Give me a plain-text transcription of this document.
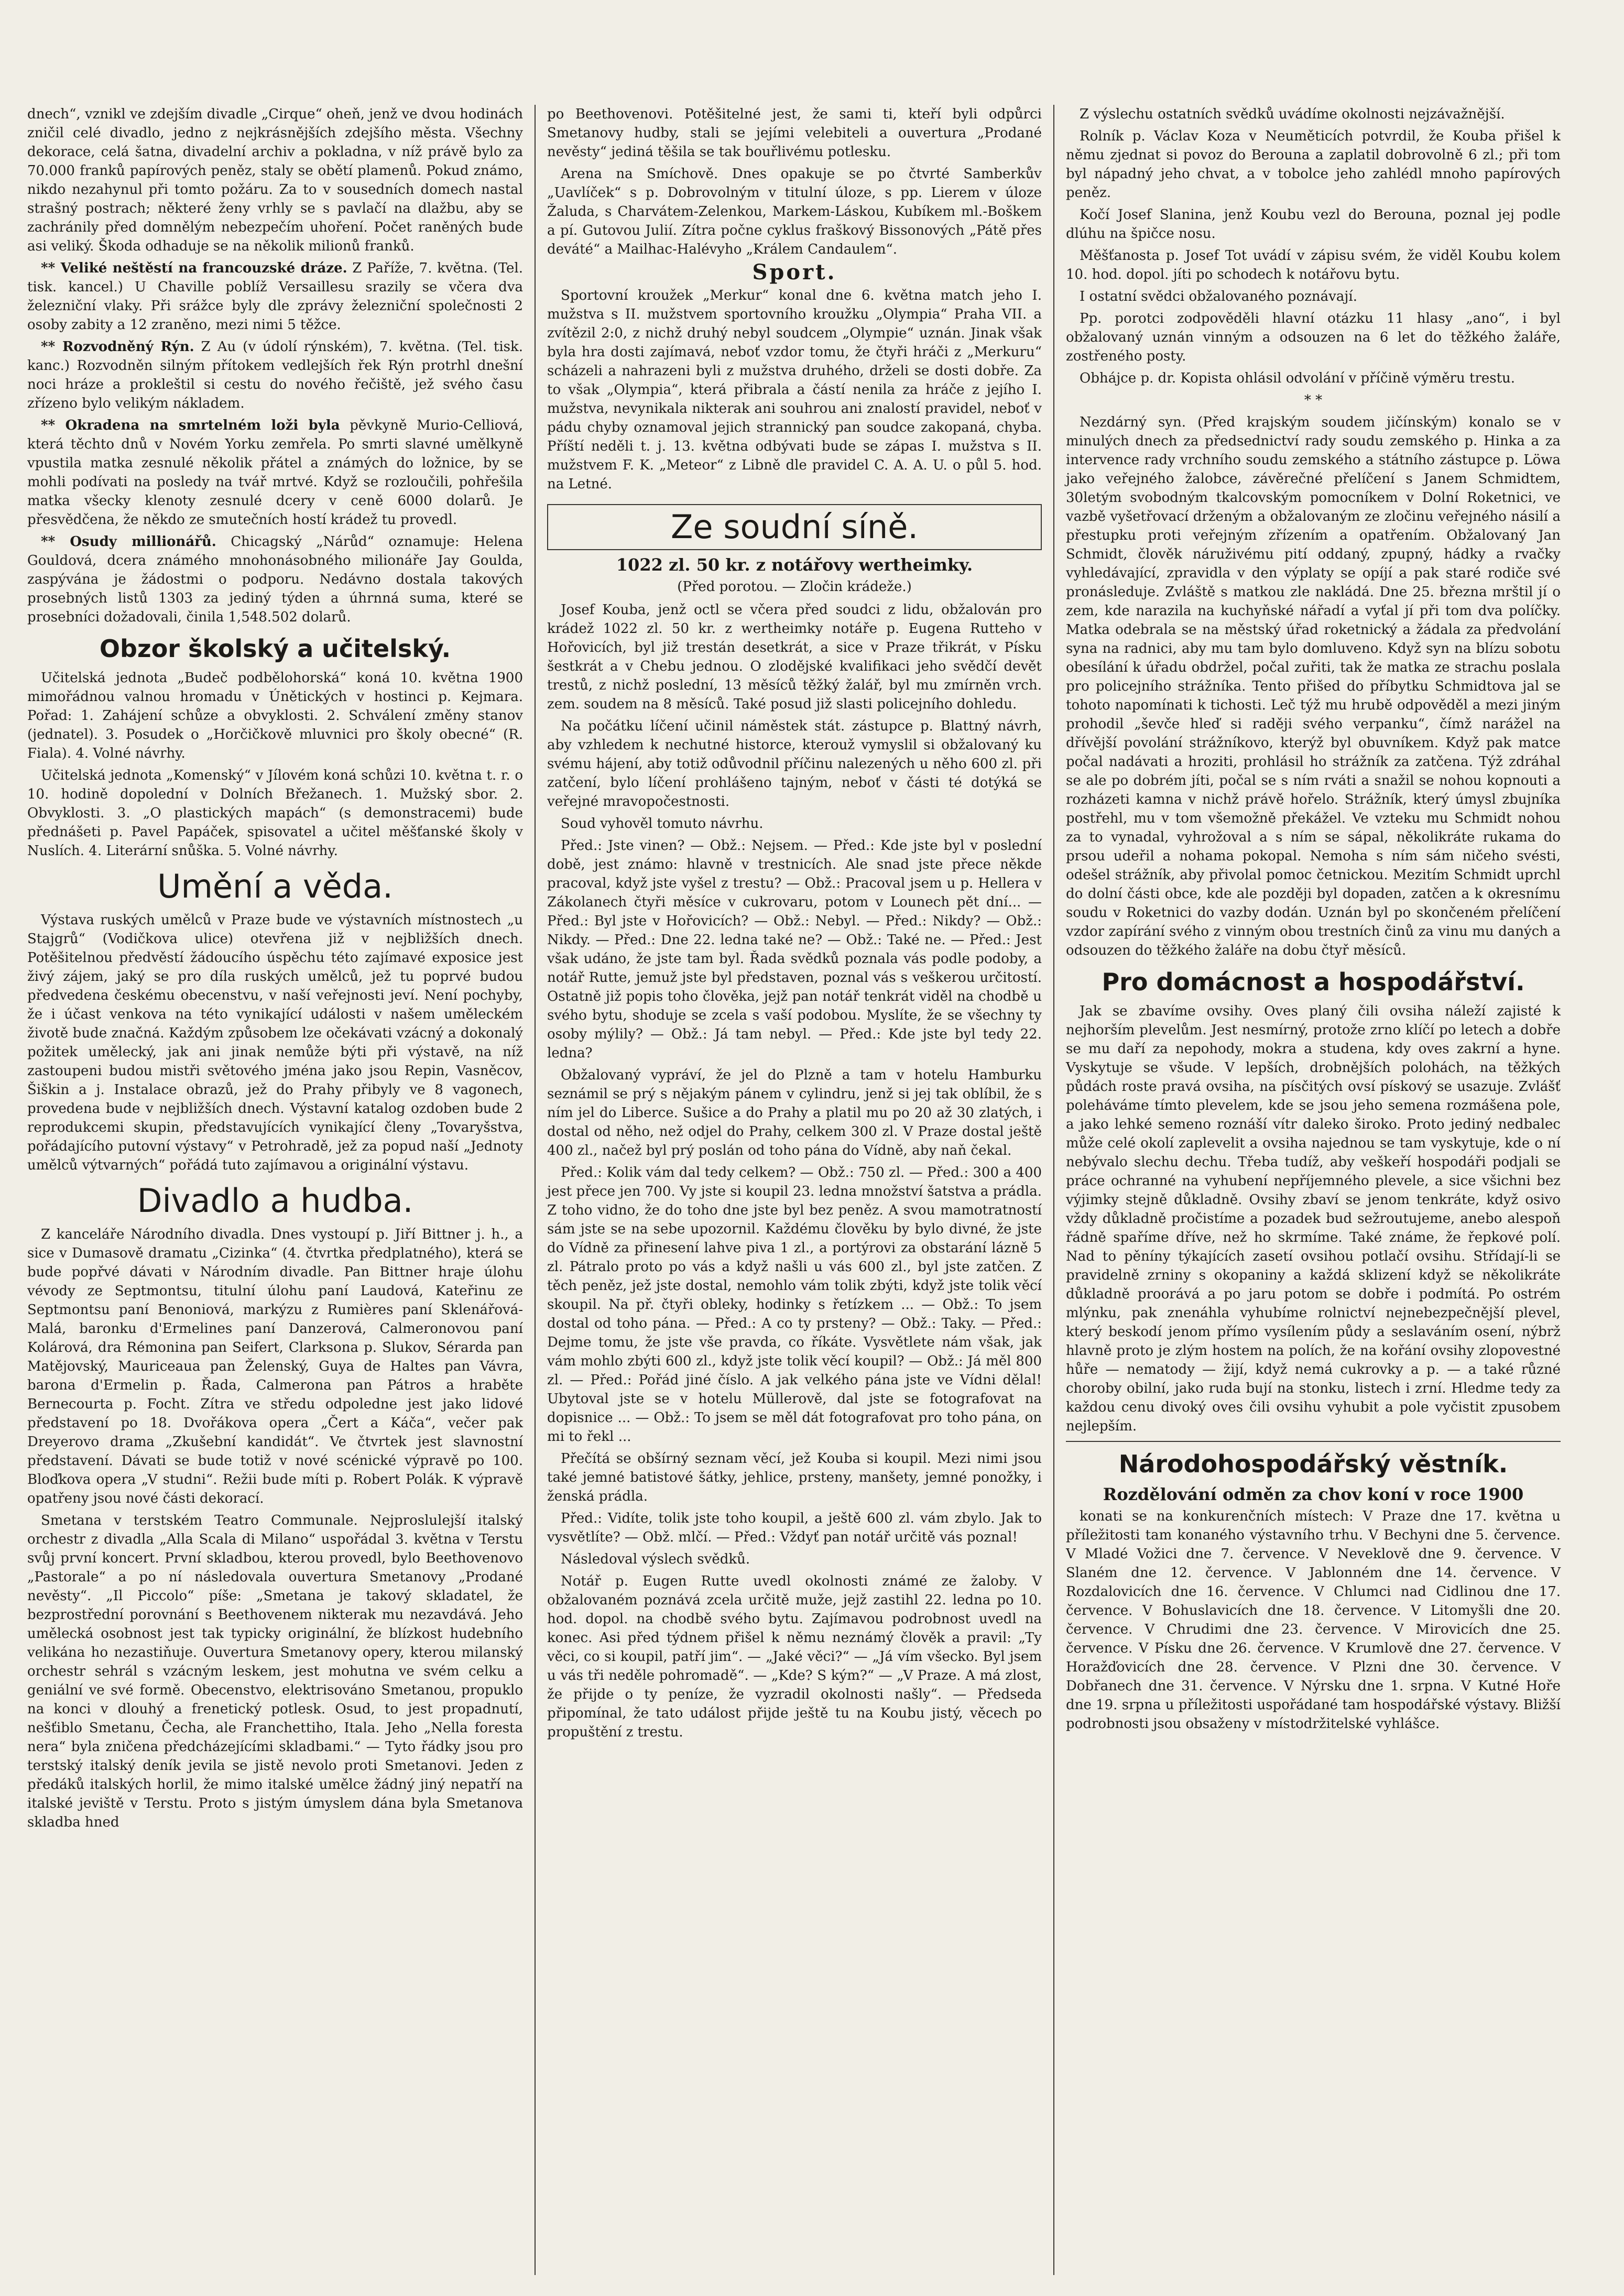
dnech“, vznikl ve zdejším divadle „Cirque“ oheň, jenž ve dvou hodinách zničil celé divadlo, jedno z nejkrásnějších zdejšího města. Všechny dekorace, celá šatna, divadelní archiv a pokladna, v níž právě bylo za 70.000 franků papírových peněz, staly se obětí plamenů. Pokud známo, nikdo nezahynul při tomto požáru. Za to v sousedních domech nastal strašný postrach; některé ženy vrhly se s pavlačí na dlažbu, aby se zachránily před domnělým nebezpečím uhoření. Počet raněných bude asi veliký. Škoda odhaduje se na několik milionů franků.

** Veliké neštěstí na francouzské dráze. Z Paříže, 7. května. (Tel. tisk. kancel.) U Chaville poblíž Versaillesu srazily se včera dva železniční vlaky. Při srážce byly dle zprávy železniční společnosti 2 osoby zabity a 12 zraněno, mezi nimi 5 těžce.

** Rozvodněný Rýn. Z Au (v údolí rýnském), 7. května. (Tel. tisk. kanc.) Rozvodněn silným přítokem vedlejších řek Rýn protrhl dnešní noci hráze a prokleštil si cestu do nového řečiště, jež svého času zřízeno bylo velikým nákladem.

** Okradena na smrtelném loži byla pěvkyně Murio-Celliová, která těchto dnů v Novém Yorku zemřela. Po smrti slavné umělkyně vpustila matka zesnulé několik přátel a známých do ložnice, by se mohli podívati na posledy na tvář mrtvé. Když se rozloučili, pohřešila matka všecky klenoty zesnulé dcery v ceně 6000 dolarů. Je přesvědčena, že někdo ze smutečních hostí krádež tu provedl.

** Osudy millionářů. Chicagský „Nárůd“ oznamuje: Helena Gouldová, dcera známého mnohonásobného milionáře Jay Goulda, zaspývána je žádostmi o podporu. Nedávno dostala takových prosebných listů 1303 za jediný týden a úhrnná suma, které se prosebníci dožadovali, činila 1,548.502 dolarů.

Obzor školský a učitelský.

Učitelská jednota „Budeč podbělohorská“ koná 10. května 1900 mimořádnou valnou hromadu v Únětických v hostinci p. Kejmara. Pořad: 1. Zahájení schůze a obvyklosti. 2. Schválení změny stanov (jednatel). 3. Posudek o „Horčičkově mluvnici pro školy obecné“ (R. Fiala). 4. Volné návrhy.

Učitelská jednota „Komenský“ v Jílovém koná schůzi 10. května t. r. o 10. hodině dopolední v Dolních Břežanech. 1. Mužský sbor. 2. Obvyklosti. 3. „O plastických mapách“ (s demonstracemi) bude přednášeti p. Pavel Papáček, spisovatel a učitel měšťanské školy v Nuslích. 4. Literární snůška. 5. Volné návrhy.

Umění a věda.

Výstava ruských umělců v Praze bude ve výstavních místnostech „u Stajgrů“ (Vodičkova ulice) otevřena již v nejbližších dnech. Potěšitelnou předvěstí žádoucího úspěchu této zajímavé exposice jest živý zájem, jaký se pro díla ruských umělců, jež tu poprvé budou předvedena českému obecenstvu, v naší veřejnosti jeví. Není pochyby, že i účast venkova na této vynikající události v našem uměleckém životě bude značná. Každým způsobem lze očekávati vzácný a dokonalý požitek umělecký, jak ani jinak nemůže býti při výstavě, na níž zastoupeni budou mistři světového jména jako jsou Repin, Vasněcov, Šiškin a j. Instalace obrazů, jež do Prahy přibyly ve 8 vagonech, provedena bude v nejbližších dnech. Výstavní katalog ozdoben bude 2 reprodukcemi skupin, představujících vynikající členy „Tovaryšstva, pořádajícího putovní výstavy“ v Petrohradě, jež za popud naší „Jednoty umělců výtvarných“ pořádá tuto zajímavou a originální výstavu.

Divadlo a hudba.

Z kanceláře Národního divadla. Dnes vystoupí p. Jiří Bittner j. h., a sice v Dumasově dramatu „Cizinka“ (4. čtvrtka předplatného), která se bude popřvé dávati v Národním divadle. Pan Bittner hraje úlohu vévody ze Septmontsu, titulní úlohu paní Laudová, Kateřinu ze Septmontsu paní Benoniová, markýzu z Rumières paní Sklenářová-Malá, baronku d'Ermelines paní Danzerová, Calmeronovou paní Kolárová, dra Rémonina pan Seifert, Clarksona p. Slukov, Sérarda pan Matějovský, Mauriceaua pan Želenský, Guya de Haltes pan Vávra, barona d'Ermelin p. Řada, Calmerona pan Pátros a hraběte Bernecourta p. Focht. Zítra ve středu odpoledne jest jako lidové představení po 18. Dvořákova opera „Čert a Káča“, večer pak Dreyerovo drama „Zkušební kandidát“. Ve čtvrtek jest slavnostní představení. Dávati se bude totiž v nové scénické výpravě po 100. Bloďkova opera „V studni“. Režii bude míti p. Robert Polák. K výpravě opatřeny jsou nové části dekorací.

Smetana v terstském Teatro Communale. Nejproslulejší italský orchestr z divadla „Alla Scala di Milano“ uspořádal 3. května v Terstu svůj první koncert. První skladbou, kterou provedl, bylo Beethovenovo „Pastorale“ a po ní následovala ouvertura Smetanovy „Prodané nevěsty“. „Il Piccolo“ píše: „Smetana je takový skladatel, že bezprostřední porovnání s Beethovenem nikterak mu nezavdává. Jeho umělecká osobnost jest tak typicky originální, že blízkost hudebního velikána ho nezastiňuje. Ouvertura Smetanovy opery, kterou milanský orchestr sehrál s vzácným leskem, jest mohutna ve svém celku a geniální ve své formě. Obecenstvo, elektrisováno Smetanou, propuklo na konci v dlouhý a frenetický potlesk. Osud, to jest propadnutí, nešťiblo Smetanu, Čecha, ale Franchettiho, Itala. Jeho „Nella foresta nera“ byla zničena předcházejícími skladbami.“ — Tyto řádky jsou pro terstský italský deník jevila se jistě nevolo proti Smetanovi. Jeden z předáků italských horlil, že mimo italské umělce žádný jiný nepatří na italské jeviště v Terstu. Proto s jistým úmyslem dána byla Smetanova skladba hned

po Beethovenovi. Potěšitelné jest, že sami ti, kteří byli odpůrci Smetanovy hudby, stali se jejími velebiteli a ouvertura „Prodané nevěsty“ jediná těšila se tak bouřlivému potlesku.

Arena na Smíchově. Dnes opakuje se po čtvrté Samberkův „Uavlíček“ s p. Dobrovolným v titulní úloze, s pp. Lierem v úloze Žaluda, s Charvátem-Zelenkou, Markem-Láskou, Kubíkem ml.-Boškem a pí. Gutovou Julií. Zítra počne cyklus fraškový Bissonových „Pátě přes deváté“ a Mailhac-Halévyho „Králem Candaulem“.

Sport.

Sportovní kroužek „Merkur“ konal dne 6. května match jeho I. mužstva s II. mužstvem sportovního kroužku „Olympia“ Praha VII. a zvítězil 2:0, z nichž druhý nebyl soudcem „Olympie“ uznán. Jinak však byla hra dosti zajímavá, neboť vzdor tomu, že čtyři hráči z „Merkuru“ scházeli a nahrazeni byli z mužstva druhého, drželi se dosti dobře. Za to však „Olympia“, která přibrala a částí nenila za hráče z jejího I. mužstva, nevynikala nikterak ani souhrou ani znalostí pravidel, neboť v pádu chyby oznamoval jejich strannický pan soudce zakopaná, chyba. Příští neděli t. j. 13. května odbývati bude se zápas I. mužstva s II. mužstvem F. K. „Meteor“ z Libně dle pravidel C. A. A. U. o půl 5. hod. na Letné.

Ze soudní síně.
1022 zl. 50 kr. z notářovy wertheimky.
(Před porotou. — Zločin krádeže.)

Josef Kouba, jenž octl se včera před soudci z lidu, obžalován pro krádež 1022 zl. 50 kr. z wertheimky notáře p. Eugena Rutteho v Hořovicích, byl již trestán desetkrát, a sice v Praze třikrát, v Písku šestkrát a v Chebu jednou. O zlodějské kvalifikaci jeho svědčí devět trestů, z nichž poslední, 13 měsíců těžký žalář, byl mu zmírněn vrch. zem. soudem na 8 měsíců. Také posud již slasti policejního dohledu.

Na počátku líčení učinil náměstek stát. zástupce p. Blattný návrh, aby vzhledem k nechutné historce, kterouž vymyslil si obžalovaný ku svému hájení, aby totiž odůvodnil příčinu nalezených u něho 600 zl. při zatčení, bylo líčení prohlášeno tajným, neboť v části té dotýká se veřejné mravopočestnosti.

Soud vyhověl tomuto návrhu.

Před.: Jste vinen? — Obž.: Nejsem. — Před.: Kde jste byl v poslední době, jest známo: hlavně v trestnicích. Ale snad jste přece někde pracoval, když jste vyšel z trestu? — Obž.: Pracoval jsem u p. Hellera v Zákolanech čtyři měsíce v cukrovaru, potom v Lounech pět dní... — Před.: Byl jste v Hořovicích? — Obž.: Nebyl. — Před.: Nikdy? — Obž.: Nikdy. — Před.: Dne 22. ledna také ne? — Obž.: Také ne. — Před.: Jest však udáno, že jste tam byl. Řada svědků poznala vás podle podoby, a notář Rutte, jemuž jste byl představen, poznal vás s veškerou určitostí. Ostatně již popis toho člověka, jejž pan notář tenkrát viděl na chodbě u svého bytu, shoduje se zcela s vaší podobou. Myslíte, že se všechny ty osoby mýlily? — Obž.: Já tam nebyl. — Před.: Kde jste byl tedy 22. ledna?

Obžalovaný vypráví, že jel do Plzně a tam v hotelu Hamburku seznámil se prý s nějakým pánem v cylindru, jenž si jej tak oblíbil, že s ním jel do Liberce. Sušice a do Prahy a platil mu po 20 až 30 zlatých, i dostal od něho, než odjel do Prahy, celkem 300 zl. V Praze dostal ještě 400 zl., načež byl prý poslán od toho pána do Vídně, aby naň čekal.

Před.: Kolik vám dal tedy celkem? — Obž.: 750 zl. — Před.: 300 a 400 jest přece jen 700. Vy jste si koupil 23. ledna množství šatstva a prádla. Z toho vidno, že do toho dne jste byl bez peněz. A svou mamotratností sám jste se na sebe upozornil. Každému člověku by bylo divné, že jste do Vídně za přinesení lahve piva 1 zl., a portýrovi za obstarání lázně 5 zl. Pátralo proto po vás a když našli u vás 600 zl., byl jste zatčen. Z těch peněz, jež jste dostal, nemohlo vám tolik zbýti, když jste tolik věcí skoupil. Na př. čtyři obleky, hodinky s řetízkem ... — Obž.: To jsem dostal od toho pána. — Před.: A co ty prsteny? — Obž.: Taky. — Před.: Dejme tomu, že jste vše pravda, co říkáte. Vysvětlete nám však, jak vám mohlo zbýti 600 zl., když jste tolik věcí koupil? — Obž.: Já měl 800 zl. — Před.: Pořád jiné číslo. A jak velkého pána jste ve Vídni dělal! Ubytoval jste se v hotelu Müllerově, dal jste se fotografovat na dopisnice ... — Obž.: To jsem se měl dát fotografovat pro toho pána, on mi to řekl ...

Přečítá se obšírný seznam věcí, jež Kouba si koupil. Mezi nimi jsou také jemné batistové šátky, jehlice, prsteny, manšety, jemné ponožky, i ženská prádla.

Před.: Vidíte, tolik jste toho koupil, a ještě 600 zl. vám zbylo. Jak to vysvětlíte? — Obž. mlčí. — Před.: Vždyť pan notář určitě vás poznal!

Následoval výslech svědků.

Notář p. Eugen Rutte uvedl okolnosti známé ze žaloby. V obžalovaném poznává zcela určitě muže, jejž zastihl 22. ledna po 10. hod. dopol. na chodbě svého bytu. Zajímavou podrobnost uvedl na konec. Asi před týdnem přišel k němu neznámý člověk a pravil: „Ty věci, co si koupil, patří jim“. — „Jaké věci?“ — „Já vím všecko. Byl jsem u vás tři neděle pohromadě“. — „Kde? S kým?“ — „V Praze. A má zlost, že přijde o ty peníze, že vyzradil okolnosti našly“. — Předseda připomínal, že tato událost přijde ještě tu na Koubu jistý, věcech po propuštění z trestu.

Z výslechu ostatních svědků uvádíme okolnosti nejzávažnější.

Rolník p. Václav Koza v Neuměticích potvrdil, že Kouba přišel k němu zjednat si povoz do Berouna a zaplatil dobrovolně 6 zl.; při tom byl nápadný jeho chvat, a v tobolce jeho zahlédl mnoho papírových peněz.

Kočí Josef Slanina, jenž Koubu vezl do Berouna, poznal jej podle dlúhu na špičce nosu.

Měšťanosta p. Josef Tot uvádí v zápisu svém, že viděl Koubu kolem 10. hod. dopol. jíti po schodech k notářovu bytu.

I ostatní svědci obžalovaného poznávají.

Pp. porotci zodpověděli hlavní otázku 11 hlasy „ano“, i byl obžalovaný uznán vinným a odsouzen na 6 let do těžkého žaláře, zostřeného posty.

Obhájce p. dr. Kopista ohlásil odvolání v příčině výměru trestu.

* *

Nezdárný syn. (Před krajským soudem jičínským) konalo se v minulých dnech za předsednictví rady soudu zemského p. Hinka a za intervence rady vrchního soudu zemského a státního zástupce p. Löwa jako veřejného žalobce, závěrečné přelíčení s Janem Schmidtem, 30letým svobodným tkalcovským pomocníkem v Dolní Roketnici, ve vazbě vyšetřovací drženým a obžalovaným ze zločinu veřejného násilí a přestupku proti veřejným zřízením a opatřením. Obžalovaný Jan Schmidt, člověk náruživému pití oddaný, zpupný, hádky a rvačky vyhledávající, zpravidla v den výplaty se opíjí a pak staré rodiče své pronásleduje. Zvláště s matkou zle nakládá. Dne 25. března mrštil jí o zem, kde narazila na kuchyňské nářadí a vyťal jí při tom dva políčky. Matka odebrala se na městský úřad roketnický a žádala za předvolání syna na radnici, aby mu tam bylo domluveno. Když syn na blízu sobotu obesílání k úřadu obdržel, počal zuřiti, tak že matka ze strachu poslala pro policejního strážníka. Tento přišed do příbytku Schmidtova jal se tohoto napomínati k tichosti. Leč týž mu hrubě odpověděl a mezi jiným prohodil „ševče hleď si raději svého verpanku“, čímž narážel na dřívější povolání strážníkovo, kterýž byl obuvníkem. Když pak matce počal nadávati a hroziti, prohlásil ho strážník za zatčena. Týž zdráhal se ale po dobrém jíti, počal se s ním rváti a snažil se nohou kopnouti a rozházeti kamna v nichž právě hořelo. Strážník, který úmysl zbujníka postřehl, mu v tom všemožně překážel. Ve vzteku mu Schmidt nohou za to vynadal, vyhrožoval a s ním se sápal, několikráte rukama do prsou udeřil a nohama pokopal. Nemoha s ním sám ničeho svésti, odešel strážník, aby přivolal pomoc četnickou. Mezitím Schmidt uprchl do dolní části obce, kde ale později byl dopaden, zatčen a k okresnímu soudu v Roketnici do vazby dodán. Uznán byl po skončeném přelíčení vzdor zapírání svého z vinným obou trestních činů za vinu mu daných a odsouzen do těžkého žaláře na dobu čtyř měsíců.

Pro domácnost a hospodářství.

Jak se zbavíme ovsihy. Oves planý čili ovsiha náleží zajisté k nejhorším plevelům. Jest nesmírný, protože zrno klíčí po letech a dobře se mu daří za nepohody, mokra a studena, kdy oves zakrní a hyne. Vyskytuje se všude. V lepších, drobnějších polohách, na těžkých půdách roste pravá ovsiha, na písčitých ovsí pískový se usazuje. Zvlášť poleháváme tímto plevelem, kde se jsou jeho semena rozmášena pole, a jako lehké semeno roznáší vítr daleko široko. Proto jediný nedbalec může celé okolí zaplevelit a ovsiha najednou se tam vyskytuje, kde o ní nebývalo slechu dechu. Třeba tudíž, aby veškeří hospodáři podjali se práce ochranné na vyhubení nepříjemného plevele, a sice všichni bez výjimky stejně důkladně. Ovsihy zbaví se jenom tenkráte, když osivo vždy důkladně pročistíme a pozadek bud sežroutujeme, anebo alespoň řádně spaříme dříve, než ho skrmíme. Také známe, že řepkové polí. Nad to pěníny týkajících zasetí ovsihou potlačí ovsihu. Střídají-li se pravidelně zrniny s okopaniny a každá sklizení když se několikráte důkladně proorává a po jaru potom se dobře i podmítá. Po ostrém mlýnku, pak znenáhla vyhubíme rolnictví nejnebezpečnější plevel, který beskodí jenom přímo vysílením půdy a seslaváním osení, nýbrž hlavně proto je zlým hostem na polích, že na kořání ovsihy zlopovestné hůře — nematody — žijí, když nemá cukrovky a p. — a také různé choroby obilní, jako ruda bují na stonku, listech i zrní. Hledme tedy za každou cenu divoký oves čili ovsihu vyhubit a pole vyčistit zpusobem nejlepším.

Národohospodářský věstník.
Rozdělování odměn za chov koní v roce 1900

konati se na konkurenčních místech: V Praze dne 17. května u příležitosti tam konaného výstavního trhu. V Bechyni dne 5. července. V Mladé Vožici dne 7. července. V Neveklově dne 9. července. V Slaném dne 12. července. V Jablonném dne 14. července. V Rozdalovicích dne 16. července. V Chlumci nad Cidlinou dne 17. července. V Bohuslavicích dne 18. července. V Litomyšli dne 20. července. V Chrudimi dne 23. července. V Mirovicích dne 25. července. V Písku dne 26. července. V Krumlově dne 27. července. V Horažďovicích dne 28. července. V Plzni dne 30. července. V Dobřanech dne 31. července. V Nýrsku dne 1. srpna. V Kutné Hoře dne 19. srpna u příležitosti uspořádané tam hospodářské výstavy. Bližší podrobnosti jsou obsaženy v místodržitelské vyhlášce.
